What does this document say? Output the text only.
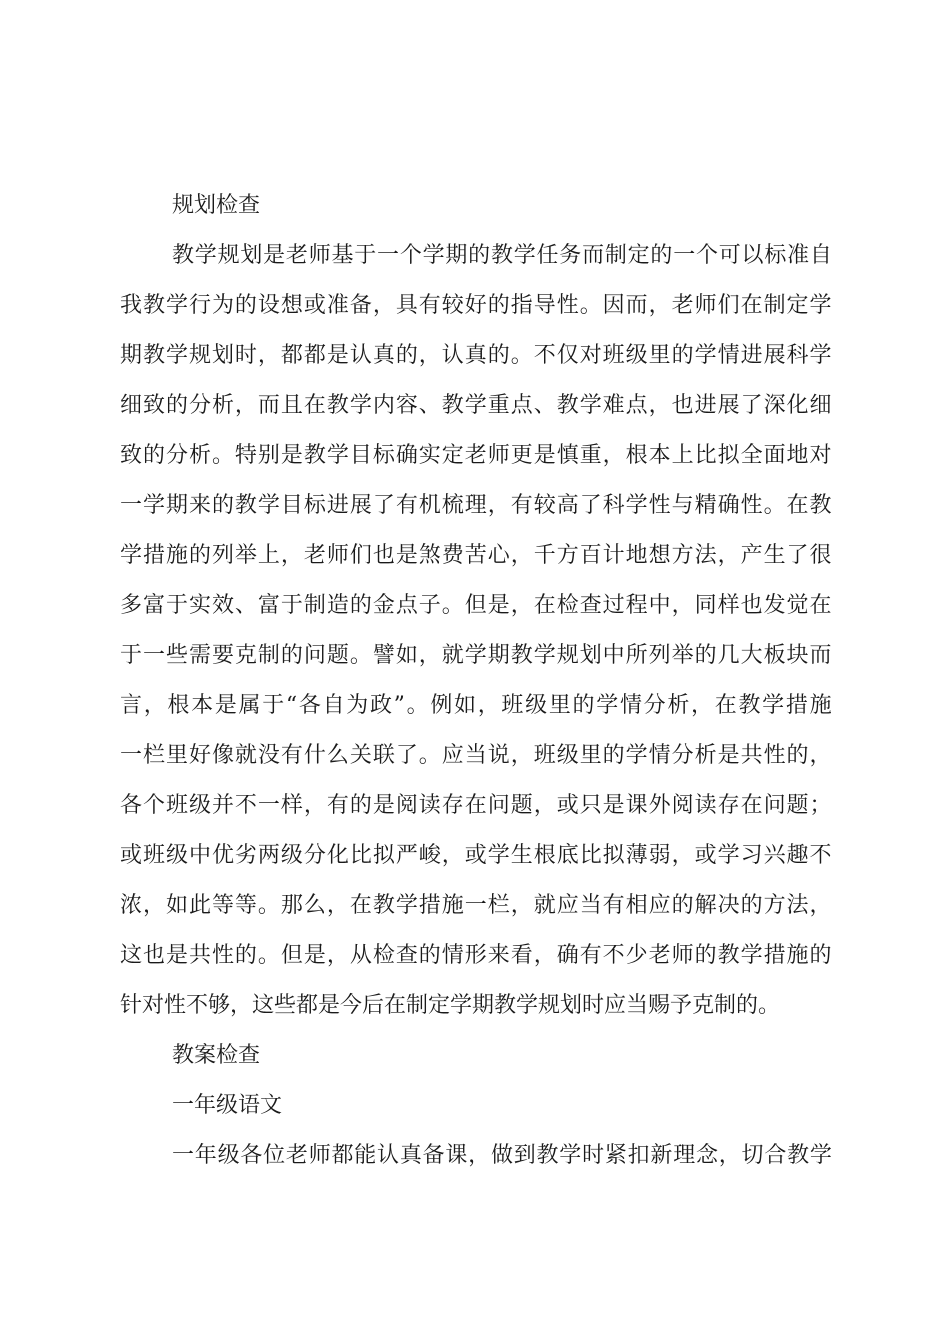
规划检查
教 学 规 划 是 老 师 基 于 一 个 学 期 的 教 学 任 务 而 制 定 的 一 个 可 以 标 准 自
我 教 学 行 为 的 设 想 或 准 备 ， 具 有 较 好 的 指 导 性 。 因 而 ， 老 师 们 在 制 定 学
期 教 学 规 划 时 ， 都 都 是 认 真 的 ， 认 真 的 。 不 仅 对 班 级 里 的 学 情 进 展 科 学
细 致 的 分 析 ， 而 且 在 教 学 内 容 、 教 学 重 点 、 教 学 难 点 ， 也 进 展 了 深 化 细
致 的 分 析 。 特 别 是 教 学 目 标 确 实 定 老 师 更 是 慎 重 ， 根 本 上 比 拟 全 面 地 对
一 学 期 来 的 教 学 目 标 进 展 了 有 机 梳 理 ， 有 较 高 了 科 学 性 与 精 确 性 。 在 教
学 措 施 的 列 举 上 ， 老 师 们 也 是 煞 费 苦 心 ， 千 方 百 计 地 想 方 法 ， 产 生 了 很
多 富 于 实 效 、 富 于 制 造 的 金 点 子 。 但 是 ， 在 检 查 过 程 中 ， 同 样 也 发 觉 在
于 一 些 需 要 克 制 的 问 题 。 譬 如 ， 就 学 期 教 学 规 划 中 所 列 举 的 几 大 板 块 而
言 ， 根 本 是 属 于 “ 各 自 为 政 ” 。 例 如 ， 班 级 里 的 学 情 分 析 ， 在 教 学 措 施
一 栏 里 好 像 就 没 有 什 么 关 联 了 。 应 当 说 ， 班 级 里 的 学 情 分 析 是 共 性 的 ，
各 个 班 级 并 不 一 样 ， 有 的 是 阅 读 存 在 问 题 ， 或 只 是 课 外 阅 读 存 在 问 题 ；
或 班 级 中 优 劣 两 级 分 化 比 拟 严 峻 ， 或 学 生 根 底 比 拟 薄 弱 ， 或 学 习 兴 趣 不
浓 ， 如 此 等 等 。 那 么 ， 在 教 学 措 施 一 栏 ， 就 应 当 有 相 应 的 解 决 的 方 法 ，
这 也 是 共 性 的 。 但 是 ， 从 检 查 的 情 形 来 看 ， 确 有 不 少 老 师 的 教 学 措 施 的
针对性不够，这些都是今后在制定学期教学规划时应当赐予克制的。
教案检查
一年级语文
一 年 级 各 位 老 师 都 能 认 真 备 课 ， 做 到 教 学 时 紧 扣 新 理 念 ， 切 合 教 学
